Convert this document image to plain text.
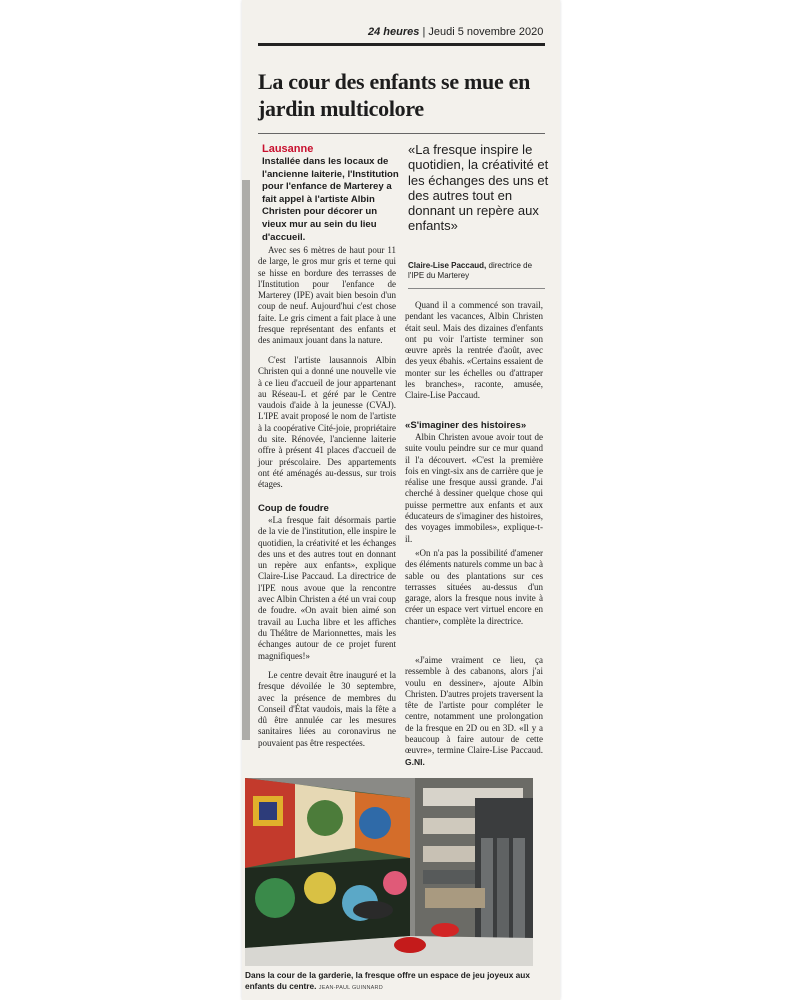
24 heures | Jeudi 5 novembre 2020
La cour des enfants se mue en jardin multicolore
Lausanne
Installée dans les locaux de l'ancienne laiterie, l'Institution pour l'enfance de Marterey a fait appel à l'artiste Albin Christen pour décorer un vieux mur au sein du lieu d'accueil.
«La fresque inspire le quotidien, la créativité et les échanges des uns et des autres tout en donnant un repère aux enfants»
Claire-Lise Paccaud, directrice de l'IPE du Marterey

Avec ses 6 mètres de haut pour 11 de large, le gros mur gris et terne qui se hisse en bordure des terrasses de l'Institution pour l'enfance de Marterey (IPE) avait bien besoin d'un coup de neuf. Aujourd'hui c'est chose faite. Le gris ciment a fait place à une fresque représentant des enfants et des animaux jouant dans la nature.

C'est l'artiste lausannois Albin Christen qui a donné une nouvelle vie à ce lieu d'accueil de jour appartenant au Réseau-L et géré par le Centre vaudois d'aide à la jeunesse (CVAJ). L'IPE avait proposé le nom de l'artiste à la coopérative Cité-joie, propriétaire du site. Rénovée, l'ancienne laiterie offre à présent 41 places d'accueil de jour préscolaire. Des appartements ont été aménagés au-dessus, sur trois étages.

Coup de foudre

«La fresque fait désormais partie de la vie de l'institution, elle inspire le quotidien, la créativité et les échanges des uns et des autres tout en donnant un repère aux enfants», explique Claire-Lise Paccaud. La directrice de l'IPE nous avoue que la rencontre avec Albin Christen a été un vrai coup de foudre. «On avait bien aimé son travail au Lucha libre et les affiches du Théâtre de Marionnettes, mais les échanges autour de ce projet furent magnifiques!»

Le centre devait être inauguré et la fresque dévoilée le 30 septembre, avec la présence de membres du Conseil d'État vaudois, mais la fête a dû être annulée car les mesures sanitaires liées au coronavirus ne pouvaient pas être respectées.

Quand il a commencé son travail, pendant les vacances, Albin Christen était seul. Mais des dizaines d'enfants ont pu voir l'artiste terminer son œuvre après la rentrée d'août, avec des yeux ébahis. «Certains essaient de monter sur les échelles ou d'attraper les branches», raconte, amusée, Claire-Lise Paccaud.

«S'imaginer des histoires»

Albin Christen avoue avoir tout de suite voulu peindre sur ce mur quand il l'a découvert. «C'est la première fois en vingt-six ans de carrière que je réalise une fresque aussi grande. J'ai cherché à dessiner quelque chose qui puisse permettre aux enfants et aux éducateurs de s'imaginer des histoires, des voyages immobiles», explique-t-il.

«On n'a pas la possibilité d'amener des éléments naturels comme un bac à sable ou des plantations sur ces terrasses situées au-dessus d'un garage, alors la fresque nous invite à créer un espace vert virtuel encore en chantier», complète la directrice.

«J'aime vraiment ce lieu, ça ressemble à des cabanons, alors j'ai voulu en dessiner», ajoute Albin Christen. D'autres projets traversent la tête de l'artiste pour compléter le centre, notamment une prolongation de la fresque en 2D ou en 3D. «Il y a beaucoup à faire autour de cette œuvre», termine Claire-Lise Paccaud. G.NI.

Dans la cour de la garderie, la fresque offre un espace de jeu joyeux aux enfants du centre. JEAN-PAUL GUINNARD
